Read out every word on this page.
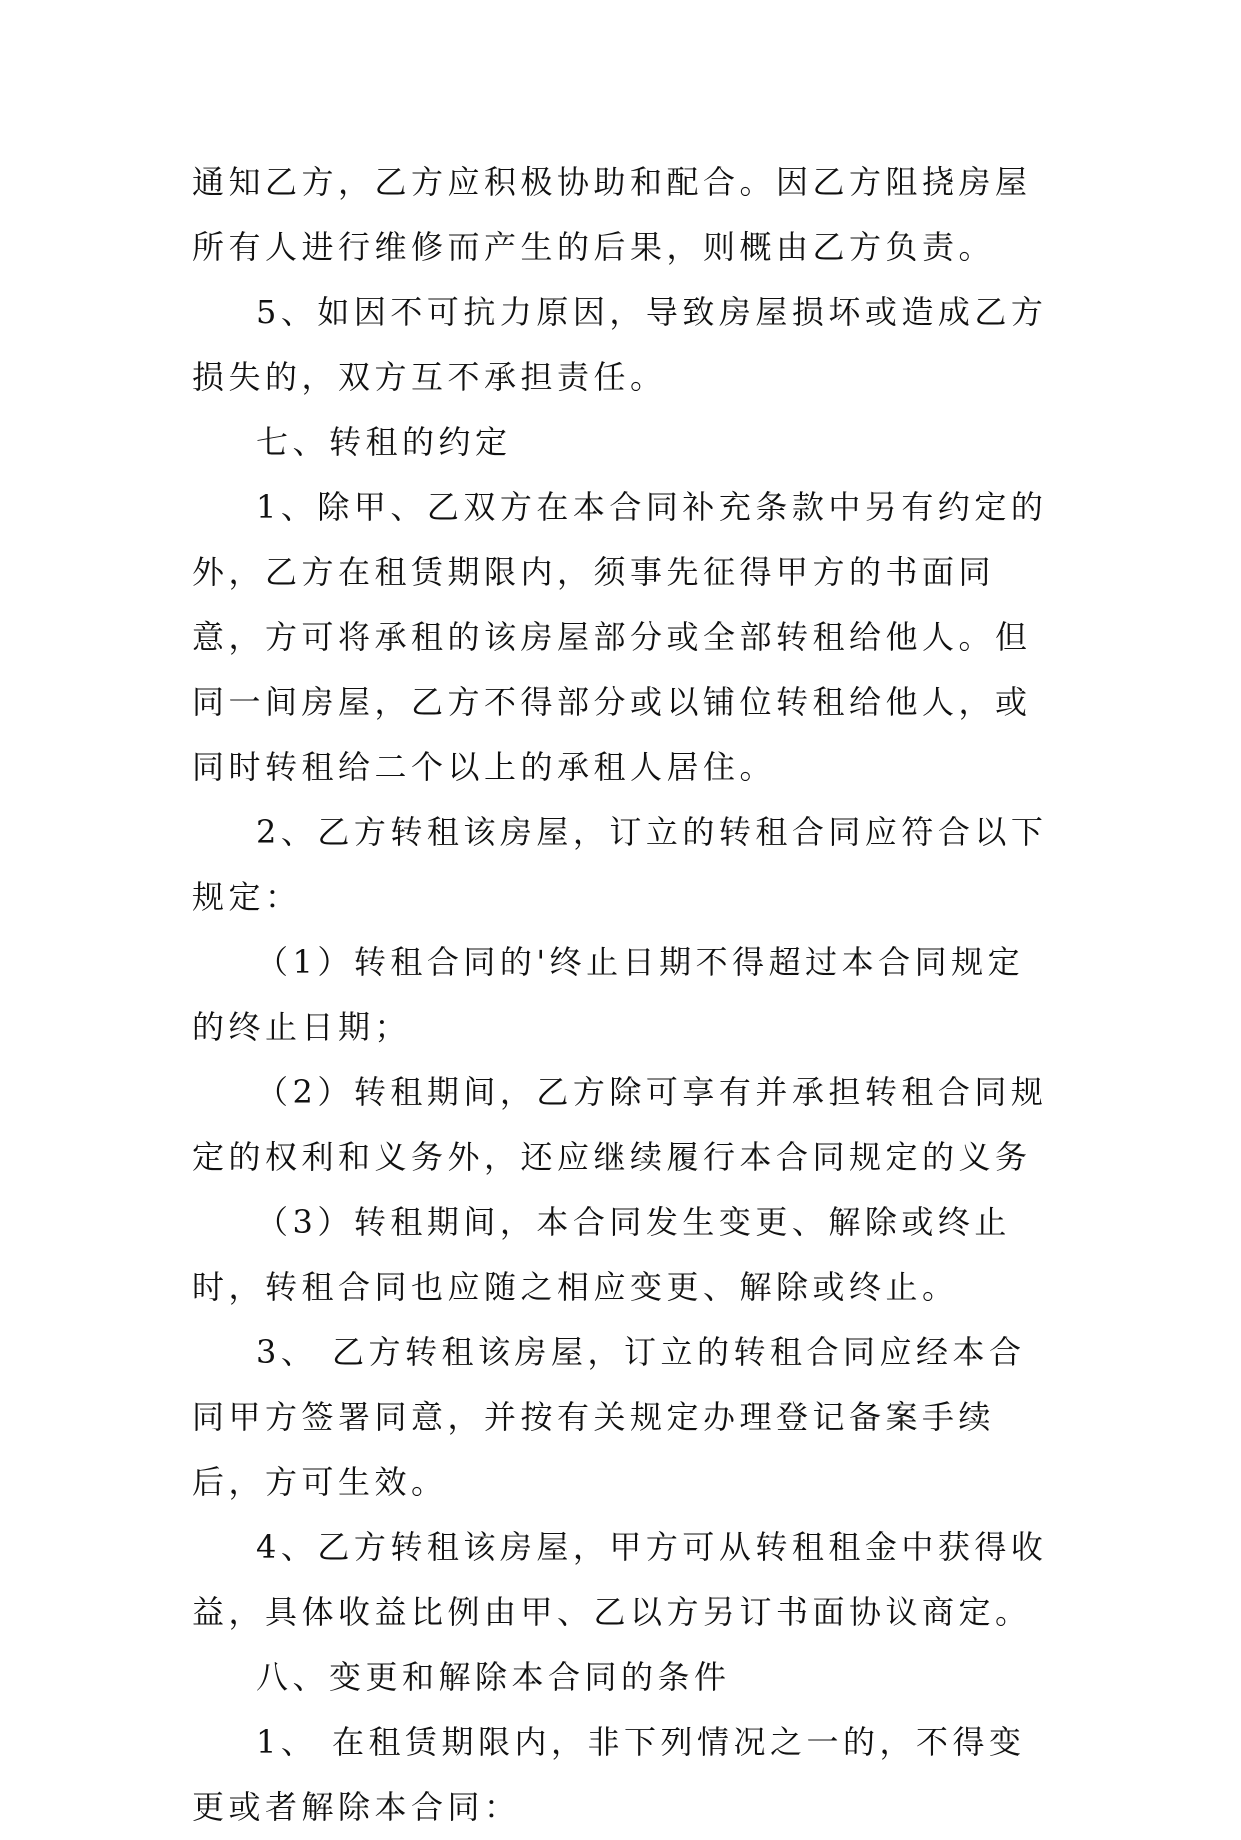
通知乙方，乙方应积极协助和配合。因乙方阻挠房屋所有人进行维修而产生的后果，则概由乙方负责。

5、如因不可抗力原因，导致房屋损坏或造成乙方损失的，双方互不承担责任。

七、转租的约定

1、除甲、乙双方在本合同补充条款中另有约定的外，乙方在租赁期限内，须事先征得甲方的书面同意，方可将承租的该房屋部分或全部转租给他人。但同一间房屋，乙方不得部分或以铺位转租给他人，或同时转租给二个以上的承租人居住。

2、乙方转租该房屋，订立的转租合同应符合以下规定：

（1）转租合同的'终止日期不得超过本合同规定的终止日期；

（2）转租期间，乙方除可享有并承担转租合同规定的权利和义务外，还应继续履行本合同规定的义务

（3）转租期间，本合同发生变更、解除或终止时，转租合同也应随之相应变更、解除或终止。

3、 乙方转租该房屋，订立的转租合同应经本合同甲方签署同意，并按有关规定办理登记备案手续后，方可生效。

4、乙方转租该房屋，甲方可从转租租金中获得收益，具体收益比例由甲、乙以方另订书面协议商定。

八、变更和解除本合同的条件

1、 在租赁期限内，非下列情况之一的，不得变更或者解除本合同：
